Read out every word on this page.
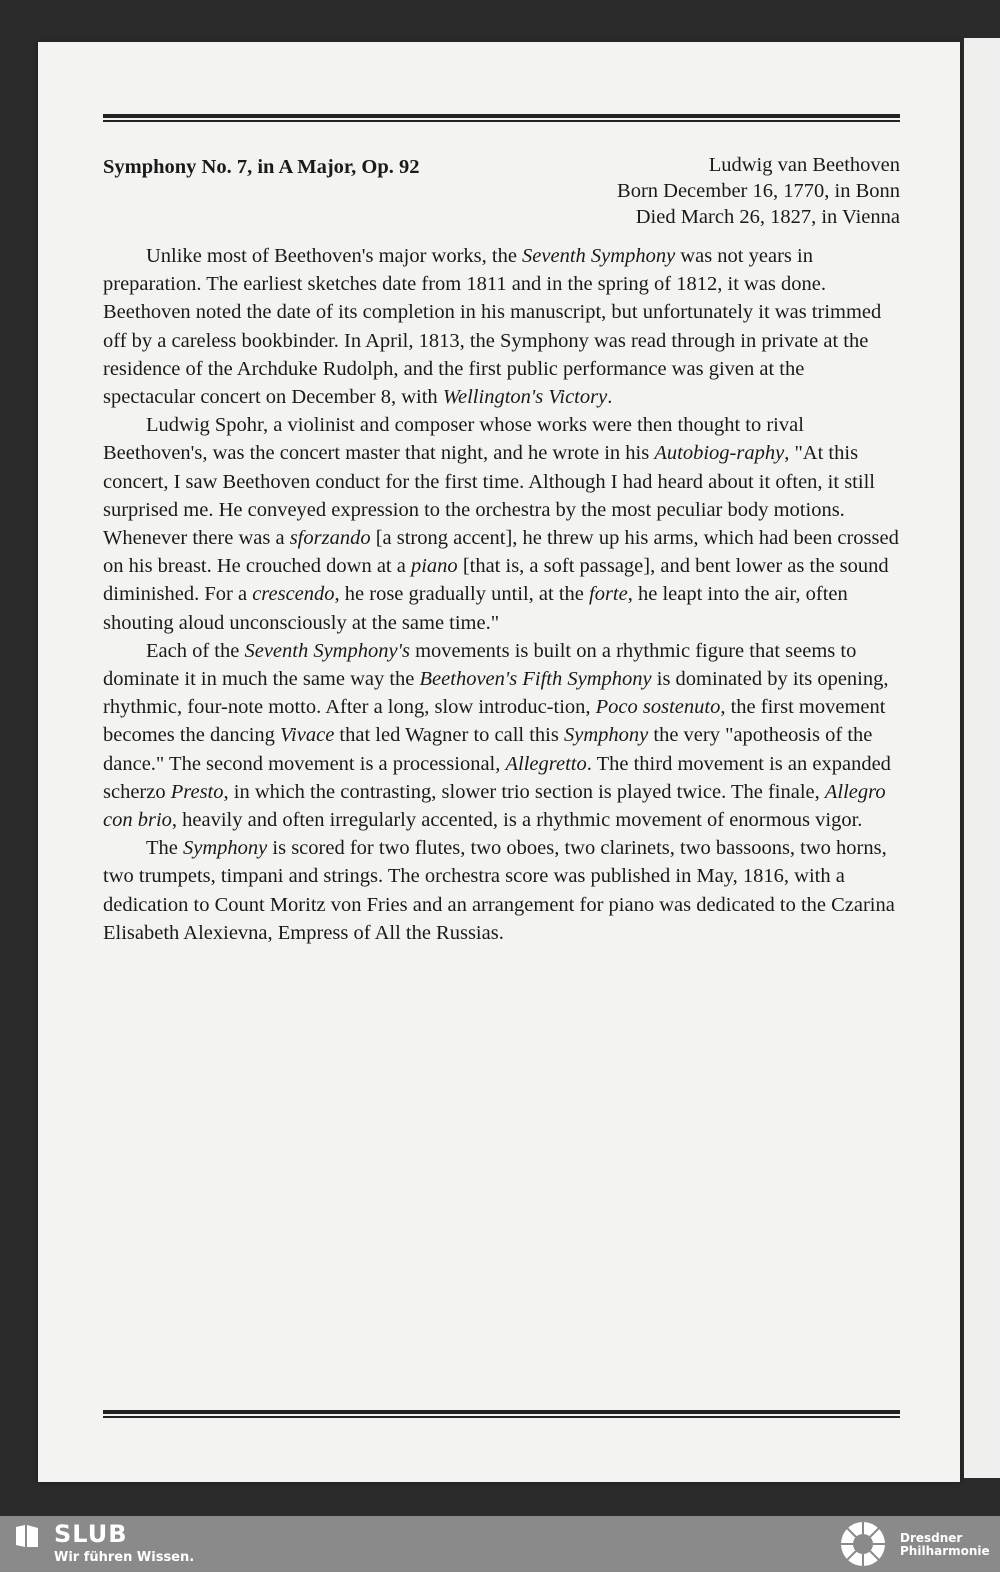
Symphony No. 7, in A Major, Op. 92	Ludwig van Beethoven
Born December 16, 1770, in Bonn
Died March 26, 1827, in Vienna

Unlike most of Beethoven's major works, the Seventh Symphony was not years in preparation. The earliest sketches date from 1811 and in the spring of 1812, it was done. Beethoven noted the date of its completion in his manuscript, but unfortunately it was trimmed off by a careless bookbinder. In April, 1813, the Symphony was read through in private at the residence of the Archduke Rudolph, and the first public performance was given at the spectacular concert on December 8, with Wellington's Victory.

Ludwig Spohr, a violinist and composer whose works were then thought to rival Beethoven's, was the concert master that night, and he wrote in his Autobiog-raphy, "At this concert, I saw Beethoven conduct for the first time. Although I had heard about it often, it still surprised me. He conveyed expression to the orchestra by the most peculiar body motions. Whenever there was a sforzando [a strong accent], he threw up his arms, which had been crossed on his breast. He crouched down at a piano [that is, a soft passage], and bent lower as the sound diminished. For a crescendo, he rose gradually until, at the forte, he leapt into the air, often shouting aloud unconsciously at the same time."

Each of the Seventh Symphony's movements is built on a rhythmic figure that seems to dominate it in much the same way the Beethoven's Fifth Symphony is dominated by its opening, rhythmic, four-note motto. After a long, slow introduc-tion, Poco sostenuto, the first movement becomes the dancing Vivace that led Wagner to call this Symphony the very "apotheosis of the dance." The second movement is a processional, Allegretto. The third movement is an expanded scherzo Presto, in which the contrasting, slower trio section is played twice. The finale, Allegro con brio, heavily and often irregularly accented, is a rhythmic movement of enormous vigor.

The Symphony is scored for two flutes, two oboes, two clarinets, two bassoons, two horns, two trumpets, timpani and strings. The orchestra score was published in May, 1816, with a dedication to Count Moritz von Fries and an arrangement for piano was dedicated to the Czarina Elisabeth Alexievna, Empress of All the Russias.

SLUB
Wir führen Wissen.
Dresdner
Philharmonie
